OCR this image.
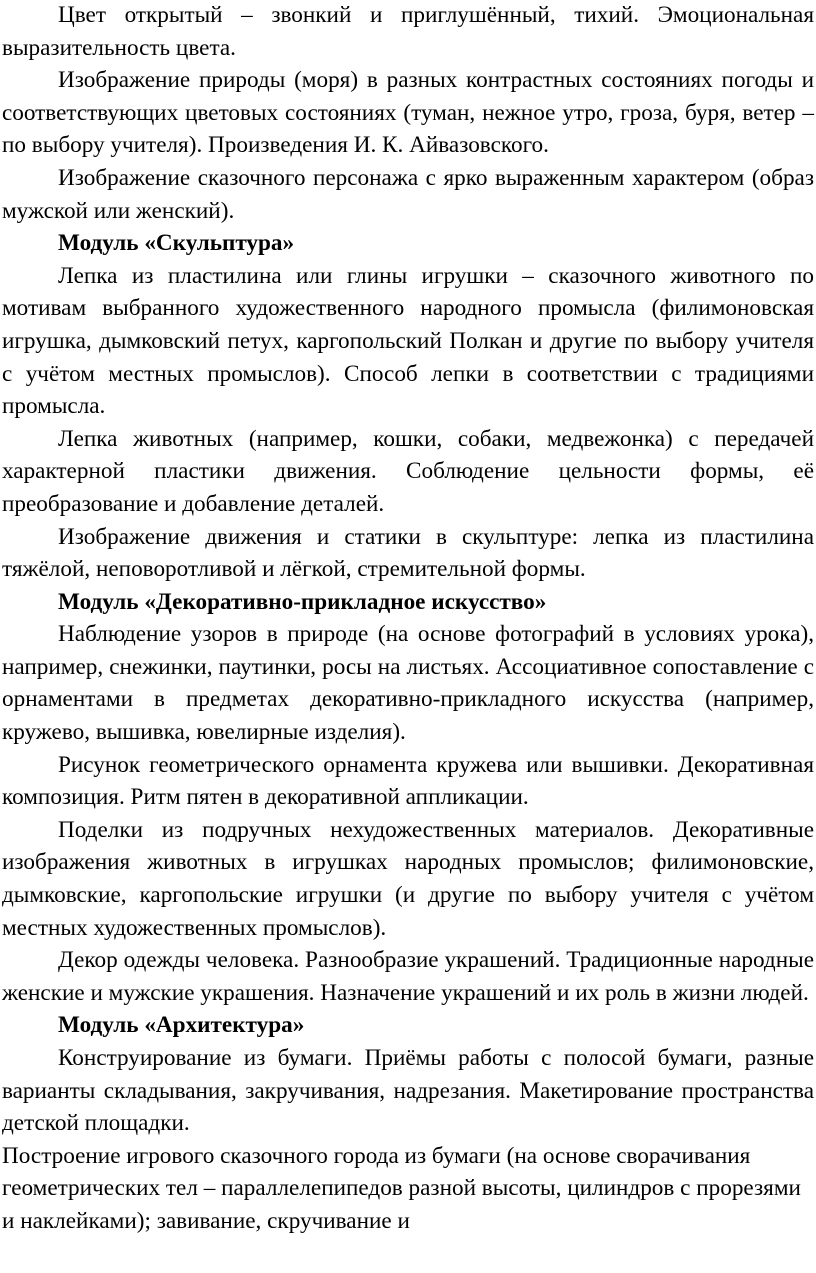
Цвет открытый – звонкий и приглушённый, тихий. Эмоциональная выразительность цвета.

Изображение природы (моря) в разных контрастных состояниях погоды и соответствующих цветовых состояниях (туман, нежное утро, гроза, буря, ветер – по выбору учителя). Произведения И. К. Айвазовского.

Изображение сказочного персонажа с ярко выраженным характером (образ мужской или женский).

Модуль «Скульптура»

Лепка из пластилина или глины игрушки – сказочного животного по мотивам выбранного художественного народного промысла (филимоновская игрушка, дымковский петух, каргопольский Полкан и другие по выбору учителя с учётом местных промыслов). Способ лепки в соответствии с традициями промысла.

Лепка животных (например, кошки, собаки, медвежонка) с передачей характерной пластики движения. Соблюдение цельности формы, её преобразование и добавление деталей.

Изображение движения и статики в скульптуре: лепка из пластилина тяжёлой, неповоротливой и лёгкой, стремительной формы.

Модуль «Декоративно-прикладное искусство»

Наблюдение узоров в природе (на основе фотографий в условиях урока), например, снежинки, паутинки, росы на листьях. Ассоциативное сопоставление с орнаментами в предметах декоративно-прикладного искусства (например, кружево, вышивка, ювелирные изделия).

Рисунок геометрического орнамента кружева или вышивки. Декоративная композиция. Ритм пятен в декоративной аппликации.

Поделки из подручных нехудожественных материалов. Декоративные изображения животных в игрушках народных промыслов; филимоновские, дымковские, каргопольские игрушки (и другие по выбору учителя с учётом местных художественных промыслов).

Декор одежды человека. Разнообразие украшений. Традиционные народные женские и мужские украшения. Назначение украшений и их роль в жизни людей.

Модуль «Архитектура»

Конструирование из бумаги. Приёмы работы с полосой бумаги, разные варианты складывания, закручивания, надрезания. Макетирование пространства детской площадки.

Построение игрового сказочного города из бумаги (на основе сворачивания геометрических тел – параллелепипедов разной высоты, цилиндров с прорезями и наклейками); завивание, скручивание и
